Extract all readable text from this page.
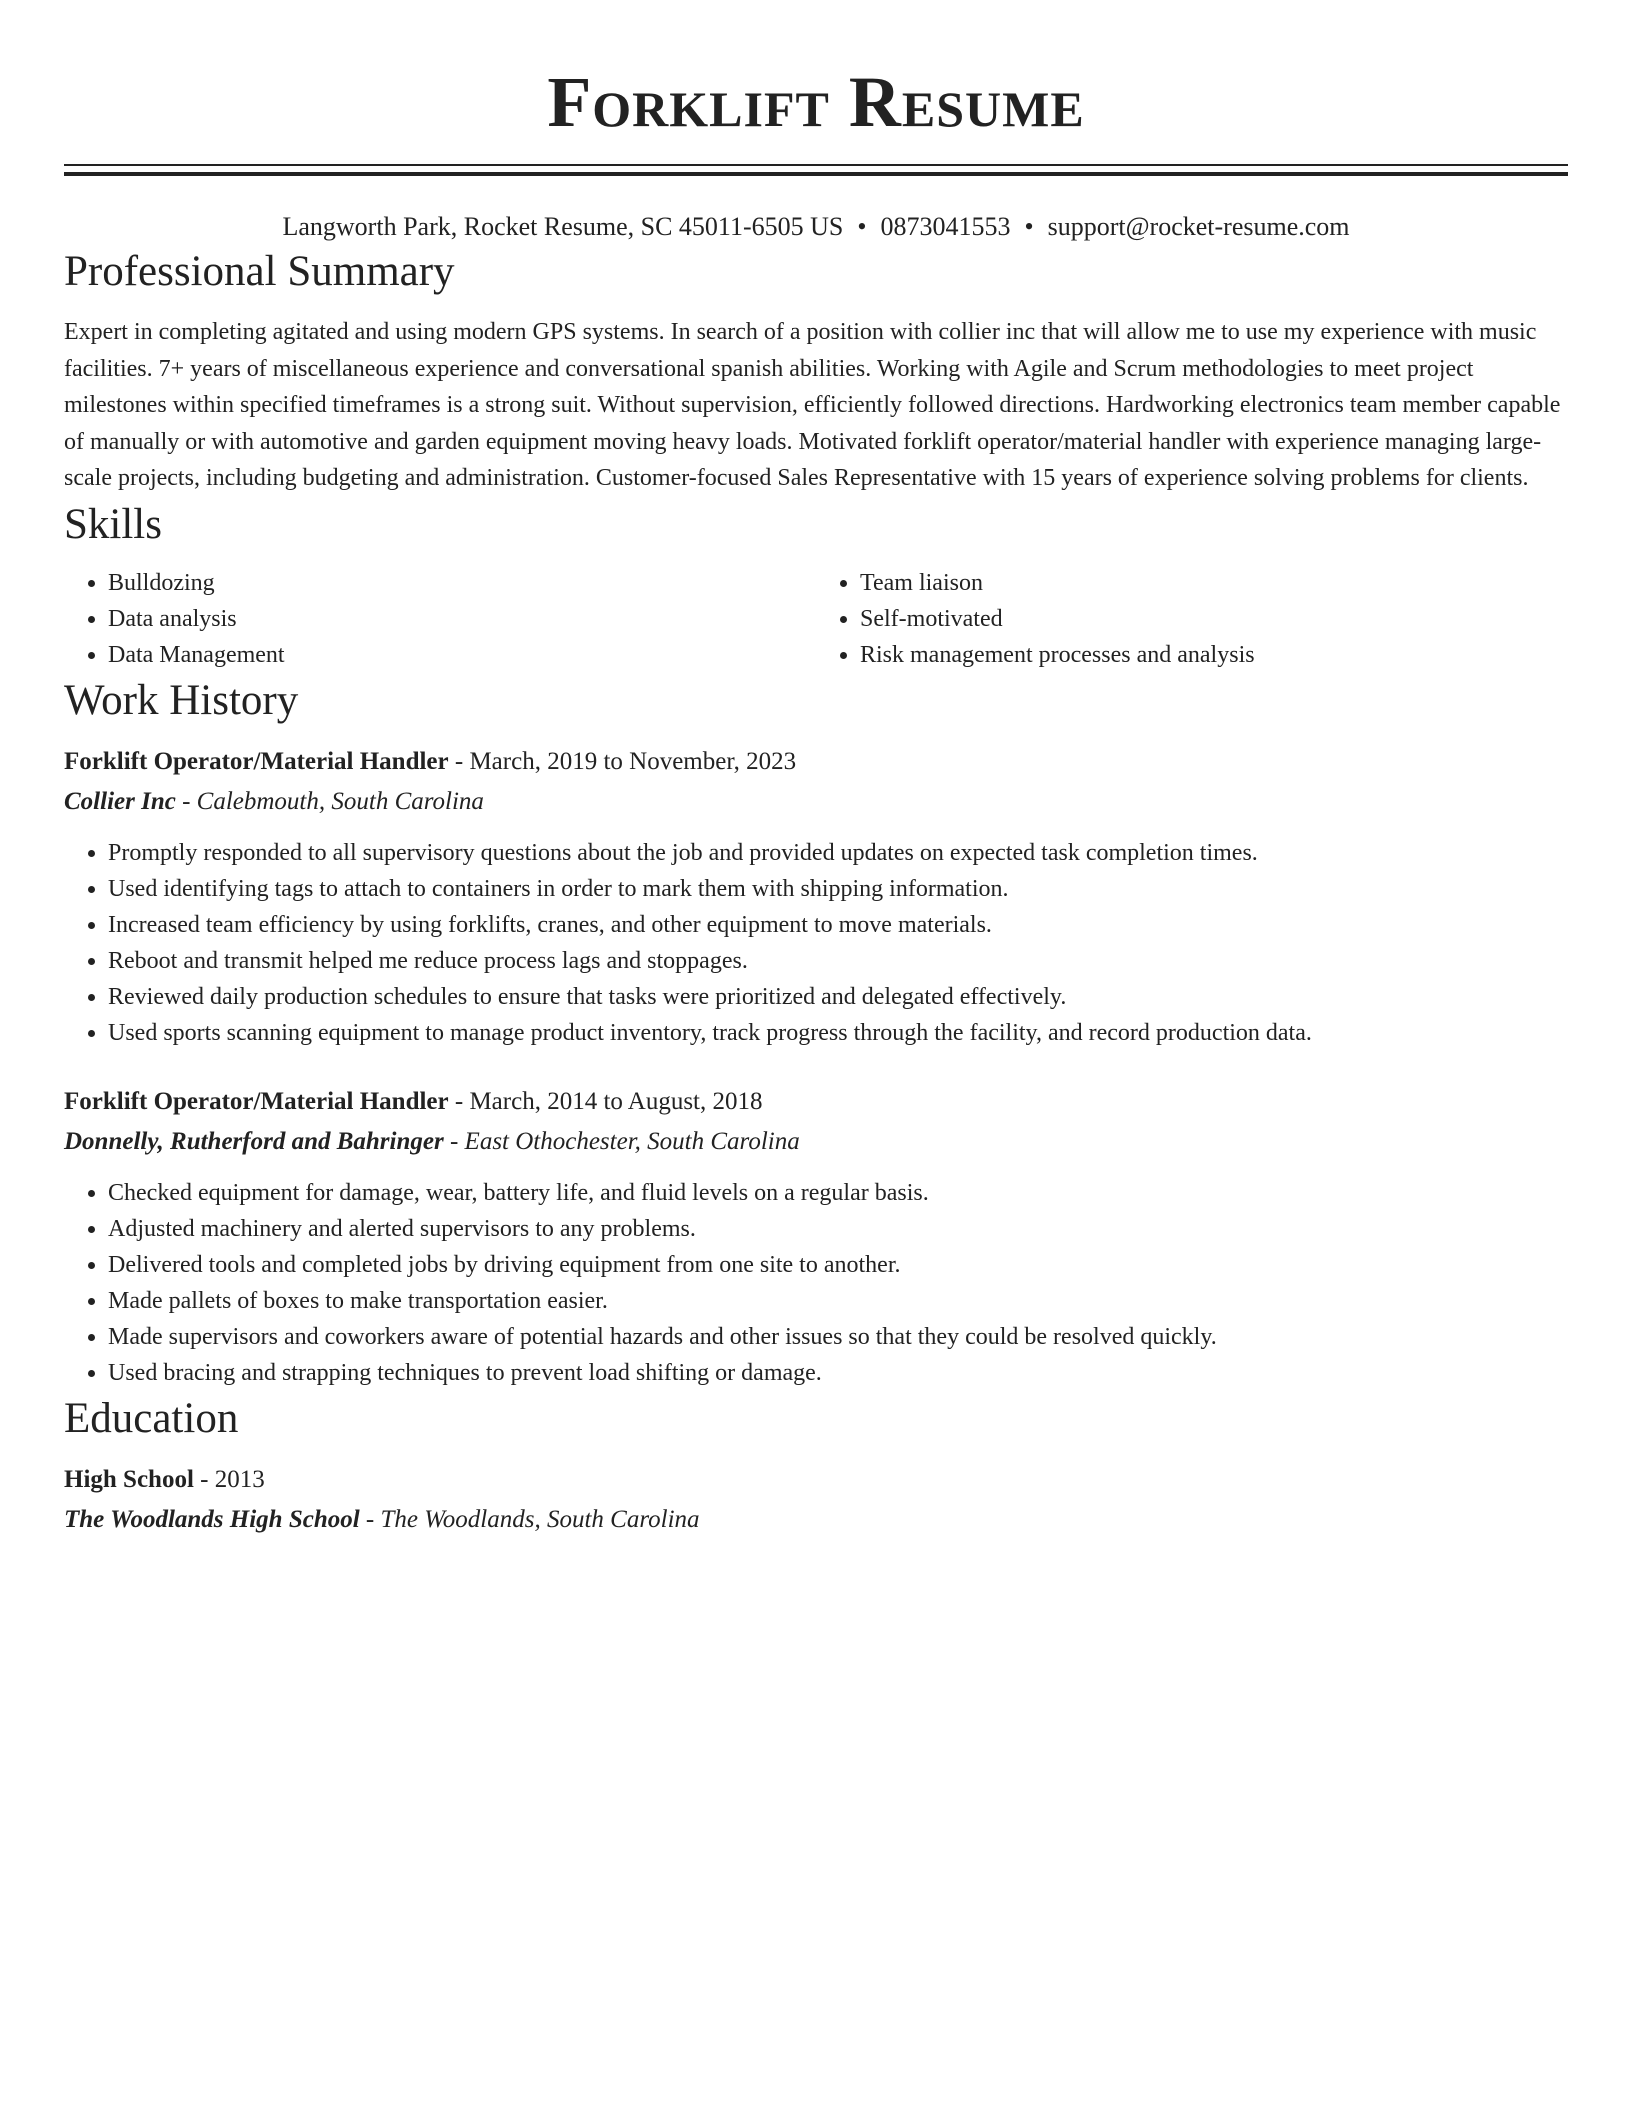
Forklift Resume
Langworth Park, Rocket Resume, SC 45011-6505 US • 0873041553 • support@rocket-resume.com
Professional Summary
Expert in completing agitated and using modern GPS systems. In search of a position with collier inc that will allow me to use my experience with music facilities. 7+ years of miscellaneous experience and conversational spanish abilities. Working with Agile and Scrum methodologies to meet project milestones within specified timeframes is a strong suit. Without supervision, efficiently followed directions. Hardworking electronics team member capable of manually or with automotive and garden equipment moving heavy loads. Motivated forklift operator/material handler with experience managing large-scale projects, including budgeting and administration. Customer-focused Sales Representative with 15 years of experience solving problems for clients.
Skills
• Bulldozing
• Data analysis
• Data Management
• Team liaison
• Self-motivated
• Risk management processes and analysis
Work History
Forklift Operator/Material Handler - March, 2019 to November, 2023
Collier Inc - Calebmouth, South Carolina
• Promptly responded to all supervisory questions about the job and provided updates on expected task completion times.
• Used identifying tags to attach to containers in order to mark them with shipping information.
• Increased team efficiency by using forklifts, cranes, and other equipment to move materials.
• Reboot and transmit helped me reduce process lags and stoppages.
• Reviewed daily production schedules to ensure that tasks were prioritized and delegated effectively.
• Used sports scanning equipment to manage product inventory, track progress through the facility, and record production data.
Forklift Operator/Material Handler - March, 2014 to August, 2018
Donnelly, Rutherford and Bahringer - East Othochester, South Carolina
• Checked equipment for damage, wear, battery life, and fluid levels on a regular basis.
• Adjusted machinery and alerted supervisors to any problems.
• Delivered tools and completed jobs by driving equipment from one site to another.
• Made pallets of boxes to make transportation easier.
• Made supervisors and coworkers aware of potential hazards and other issues so that they could be resolved quickly.
• Used bracing and strapping techniques to prevent load shifting or damage.
Education
High School - 2013
The Woodlands High School - The Woodlands, South Carolina
